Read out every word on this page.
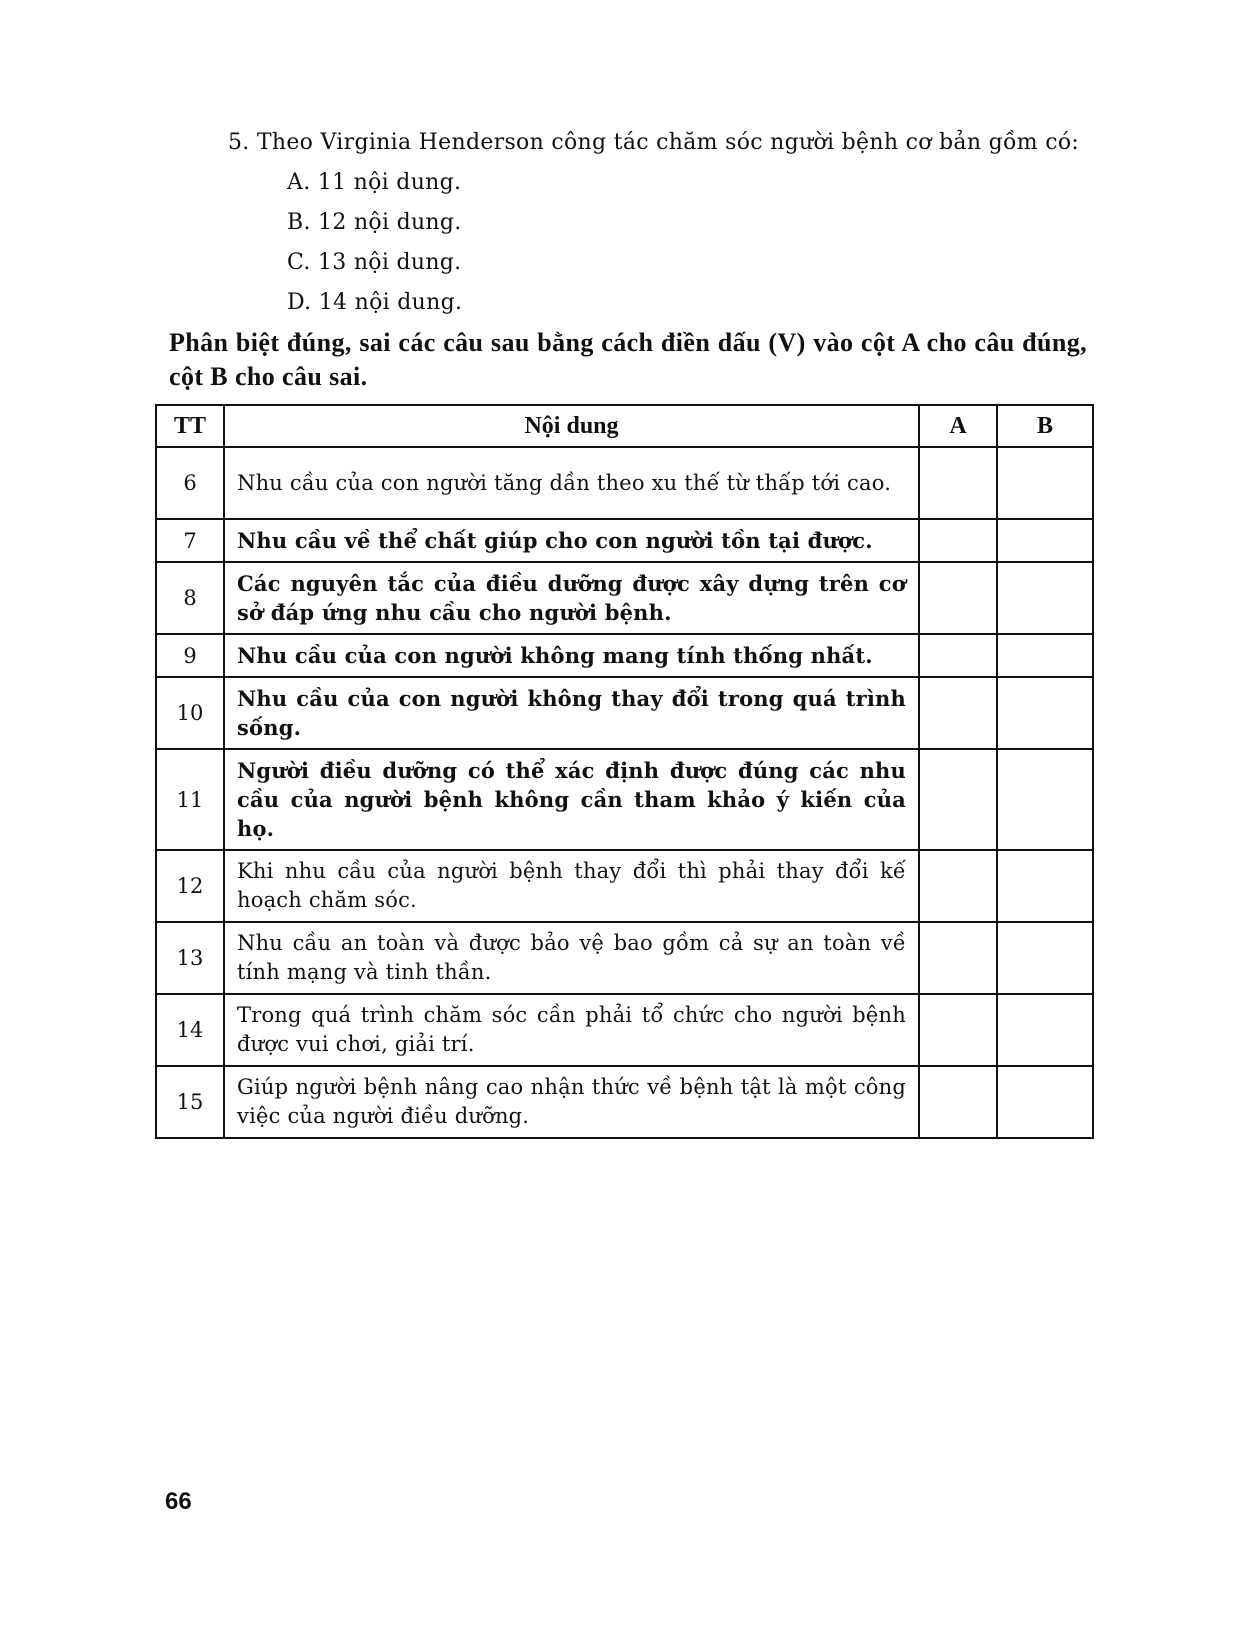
5. Theo Virginia Henderson công tác chăm sóc người bệnh cơ bản gồm có:
A. 11 nội dung.
B. 12 nội dung.
C. 13 nội dung.
D. 14 nội dung.
Phân biệt đúng, sai các câu sau bằng cách điền dấu (V) vào cột A cho câu đúng, cột B cho câu sai.
TT	Nội dung	A	B
6	Nhu cầu của con người tăng dần theo xu thế từ thấp tới cao.		
7	Nhu cầu về thể chất giúp cho con người tồn tại được.		
8	Các nguyên tắc của điều dưỡng được xây dựng trên cơ sở đáp ứng nhu cầu cho người bệnh.		
9	Nhu cầu của con người không mang tính thống nhất.		
10	Nhu cầu của con người không thay đổi trong quá trình sống.		
11	Người điều dưỡng có thể xác định được đúng các nhu cầu của người bệnh không cần tham khảo ý kiến của họ.		
12	Khi nhu cầu của người bệnh thay đổi thì phải thay đổi kế hoạch chăm sóc.		
13	Nhu cầu an toàn và được bảo vệ bao gồm cả sự an toàn về tính mạng và tinh thần.		
14	Trong quá trình chăm sóc cần phải tổ chức cho người bệnh được vui chơi, giải trí.		
15	Giúp người bệnh nâng cao nhận thức về bệnh tật là một công việc của người điều dưỡng.		
66
